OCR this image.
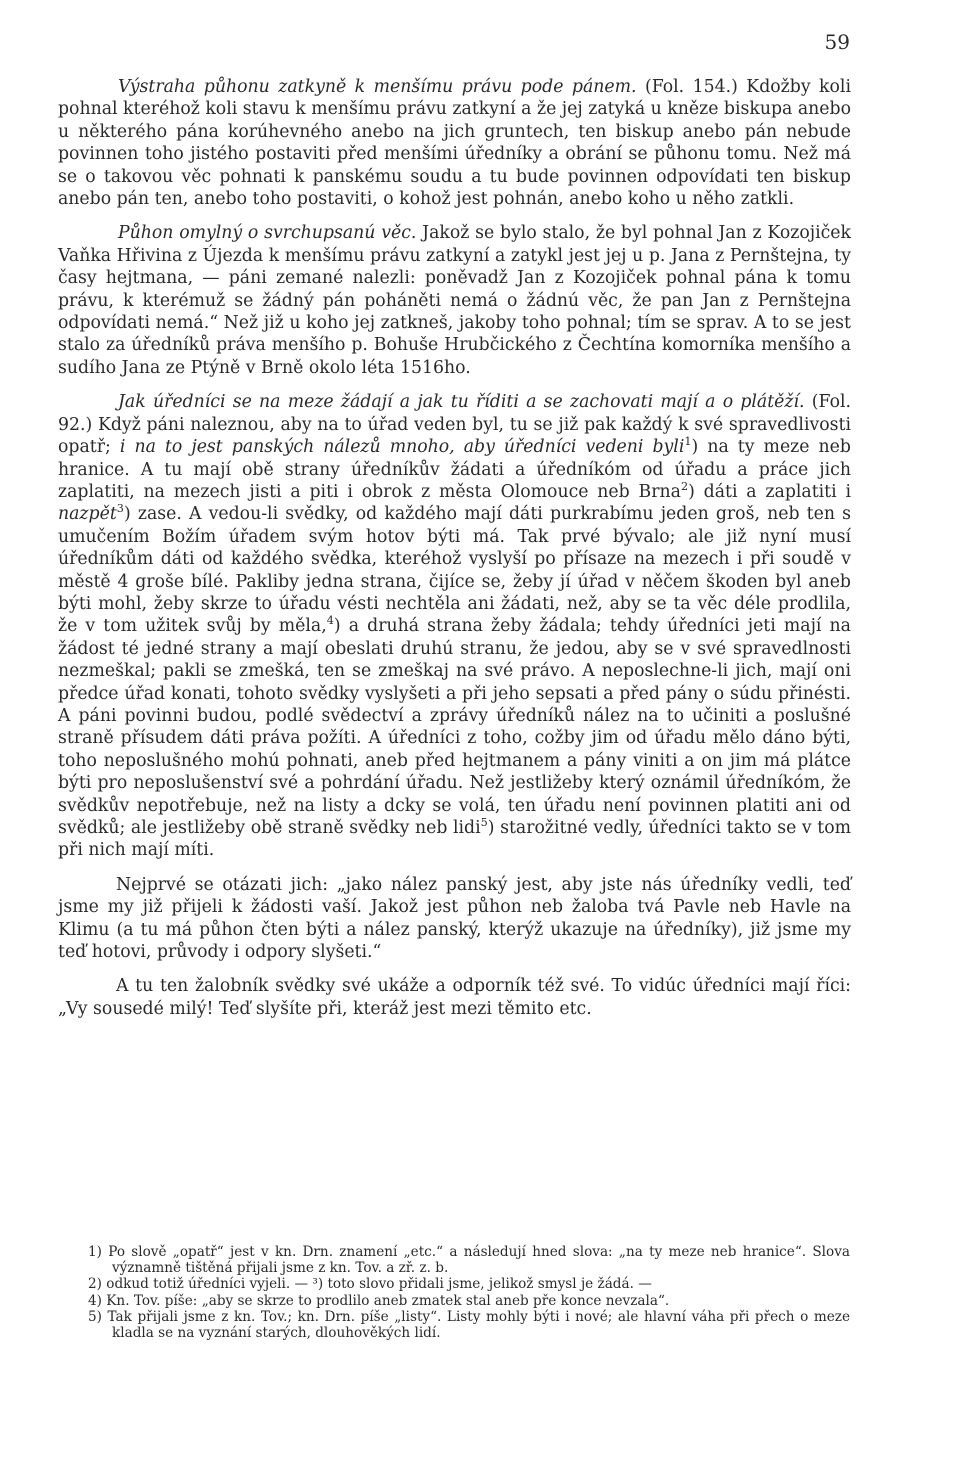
59

Výstraha půhonu zatkyně k menšímu právu pode pánem. (Fol. 154.) Kdožby koli pohnal kteréhož koli stavu k menšímu právu zatkyní a že jej zatyká u kněze biskupa anebo u některého pána korúhevného anebo na jich gruntech, ten biskup anebo pán nebude povinnen toho jistého postaviti před menšími úředníky a obrání se půhonu tomu. Než má se o takovou věc pohnati k panskému soudu a tu bude povinnen odpovídati ten biskup anebo pán ten, anebo toho postaviti, o kohož jest pohnán, anebo koho u něho zatkli.

Půhon omylný o svrchupsanú věc. Jakož se bylo stalo, že byl pohnal Jan z Kozojiček Vaňka Hřivina z Újezda k menšímu právu zatkyní a zatykl jest jej u p. Jana z Pernštejna, ty časy hejtmana, — páni zemané nalezli: poněvadž Jan z Kozojiček pohnal pána k tomu právu, k kterémuž se žádný pán poháněti nemá o žádnú věc, že pan Jan z Pernštejna odpovídati nemá.“ Než již u koho jej zatkneš, jakoby toho pohnal; tím se sprav. A to se jest stalo za úředníků práva menšího p. Bohuše Hrubčického z Čechtína komorníka menšího a sudího Jana ze Ptýně v Brně okolo léta 1516ho.

Jak úředníci se na meze žádají a jak tu říditi a se zachovati mají a o plátěží. (Fol. 92.) Když páni naleznou, aby na to úřad veden byl, tu se již pak každý k své spravedlivosti opatř; i na to jest panských nálezů mnoho, aby úředníci vedeni byli$^1$) na ty meze neb hranice. A tu mají obě strany úředníkův žádati a úředníkóm od úřadu a práce jich zaplatiti, na mezech jisti a piti i obrok z města Olomouce neb Brna$^2$) dáti a zaplatiti i nazpět$^3$) zase. A vedou-li svědky, od každého mají dáti purkrabímu jeden groš, neb ten s umučením Božím úřadem svým hotov býti má. Tak prvé bývalo; ale již nyní musí úředníkům dáti od každého svědka, kteréhož vyslyší po přísaze na mezech i při soudě v městě 4 groše bílé. Pakliby jedna strana, čijíce se, žeby jí úřad v něčem škoden byl aneb býti mohl, žeby skrze to úřadu vésti nechtěla ani žádati, než, aby se ta věc déle prodlila, že v tom užitek svůj by měla,$^4$) a druhá strana žeby žádala; tehdy úředníci jeti mají na žádost té jedné strany a mají obeslati druhú stranu, že jedou, aby se v své spravedlnosti nezmeškal; pakli se zmešká, ten se zmeškaj na své právo. A neposlechne-li jich, mají oni předce úřad konati, tohoto svědky vyslyšeti a při jeho sepsati a před pány o súdu přinésti. A páni povinni budou, podlé svědectví a zprávy úředníků nález na to učiniti a poslušné straně přísudem dáti práva požíti. A úředníci z toho, cožby jim od úřadu mělo dáno býti, toho neposlušného mohú pohnati, aneb před hejtmanem a pány viniti a on jim má plátce býti pro neposlušenství své a pohrdání úřadu. Než jestližeby který oznámil úředníkóm, že svědkův nepotřebuje, než na listy a dcky se volá, ten úřadu není povinnen platiti ani od svědků; ale jestližeby obě straně svědky neb lidi$^5$) starožitné vedly, úředníci takto se v tom při nich mají míti.

Nejprvé se otázati jich: „jako nález panský jest, aby jste nás úředníky vedli, teď jsme my již přijeli k žádosti vaší. Jakož jest půhon neb žaloba tvá Pavle neb Havle na Klimu (a tu má půhon čten býti a nález panský, kterýž ukazuje na úředníky), již jsme my teď hotovi, průvody i odpory slyšeti.“

A tu ten žalobník svědky své ukáže a odporník též své. To vidúc úředníci mají říci: „Vy sousedé milý! Teď slyšíte při, kteráž jest mezi těmito etc.

1) Po slově „opatř“ jest v kn. Drn. znamení „etc.“ a následují hned slova: „na ty meze neb hranice“. Slova významně tištěná přijali jsme z kn. Tov. a zř. z. b.

2) odkud totiž úředníci vyjeli. — ³) toto slovo přidali jsme, jelikož smysl je žádá. —

4) Kn. Tov. píše: „aby se skrze to prodlilo aneb zmatek stal aneb pře konce nevzala“.

5) Tak přijali jsme z kn. Tov.; kn. Drn. píše „listy“. Listy mohly býti i nové; ale hlavní váha při přech o meze kladla se na vyznání starých, dlouhověkých lidí.
